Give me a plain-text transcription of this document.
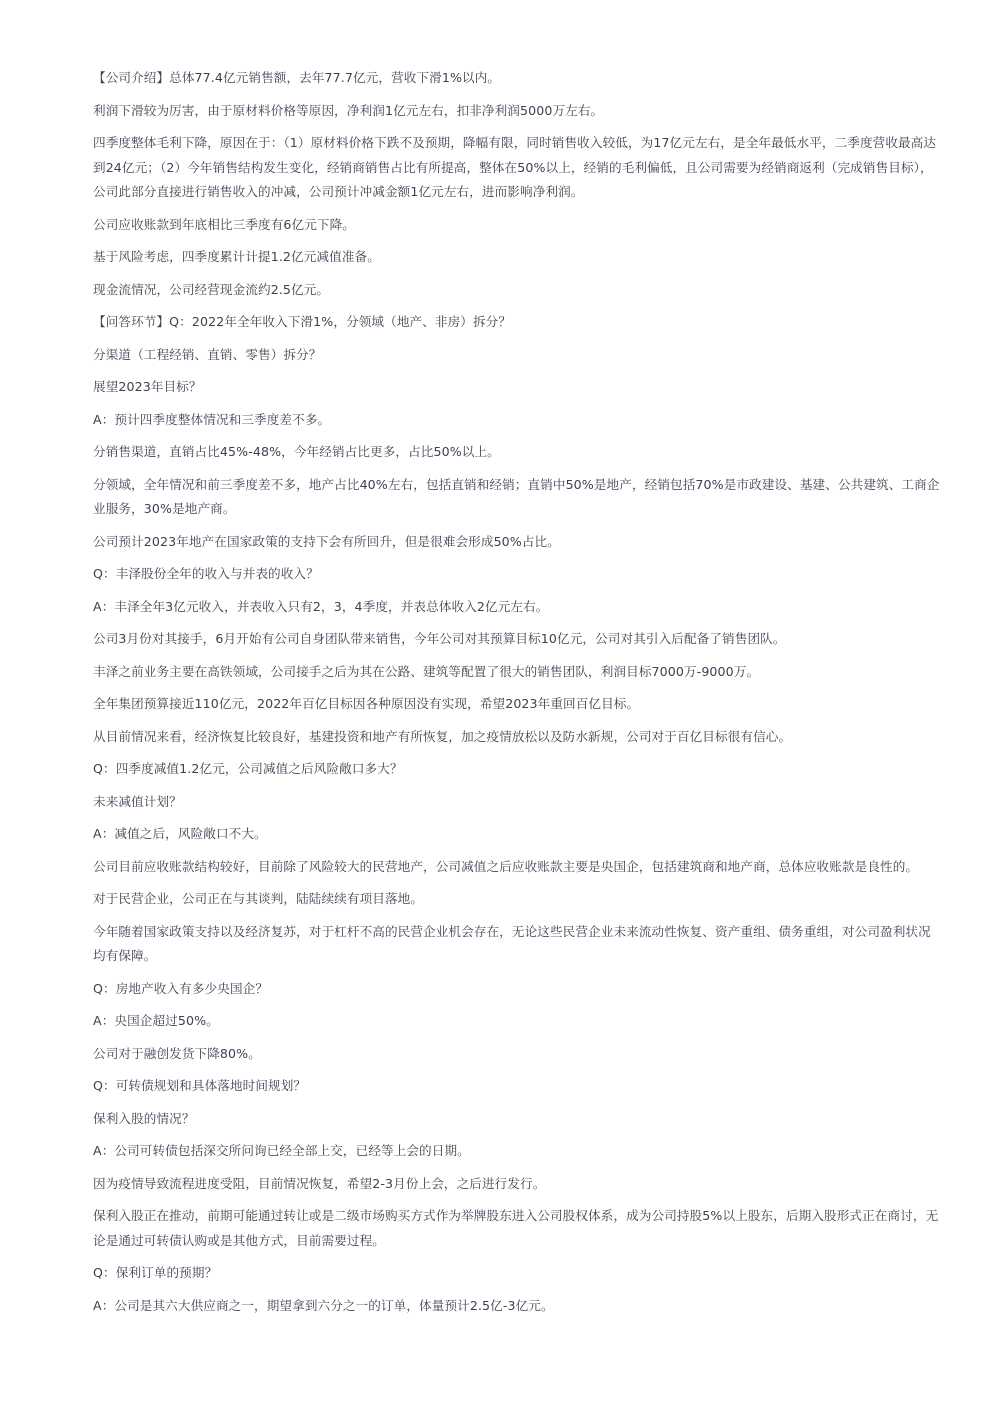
【公司介绍】总体77.4亿元销售额，去年77.7亿元，营收下滑1%以内。

利润下滑较为厉害，由于原材料价格等原因，净利润1亿元左右，扣非净利润5000万左右。

四季度整体毛利下降，原因在于：（1）原材料价格下跌不及预期，降幅有限，同时销售收入较低，为17亿元左右，是全年最低水平，二季度营收最高达到24亿元；（2）今年销售结构发生变化，经销商销售占比有所提高，整体在50%以上，经销的毛利偏低，且公司需要为经销商返利（完成销售目标），公司此部分直接进行销售收入的冲减，公司预计冲减金额1亿元左右，进而影响净利润。

公司应收账款到年底相比三季度有6亿元下降。

基于风险考虑，四季度累计计提1.2亿元减值准备。

现金流情况，公司经营现金流约2.5亿元。

【问答环节】Q：2022年全年收入下滑1%，分领域（地产、非房）拆分？

分渠道（工程经销、直销、零售）拆分？

展望2023年目标？

A：预计四季度整体情况和三季度差不多。

分销售渠道，直销占比45%-48%，今年经销占比更多，占比50%以上。

分领域，全年情况和前三季度差不多，地产占比40%左右，包括直销和经销；直销中50%是地产，经销包括70%是市政建设、基建、公共建筑、工商企业服务，30%是地产商。

公司预计2023年地产在国家政策的支持下会有所回升，但是很难会形成50%占比。

Q：丰泽股份全年的收入与并表的收入？

A：丰泽全年3亿元收入，并表收入只有2，3，4季度，并表总体收入2亿元左右。

公司3月份对其接手，6月开始有公司自身团队带来销售，今年公司对其预算目标10亿元，公司对其引入后配备了销售团队。

丰泽之前业务主要在高铁领域，公司接手之后为其在公路、建筑等配置了很大的销售团队，利润目标7000万-9000万。

全年集团预算接近110亿元，2022年百亿目标因各种原因没有实现，希望2023年重回百亿目标。

从目前情况来看，经济恢复比较良好，基建投资和地产有所恢复，加之疫情放松以及防水新规，公司对于百亿目标很有信心。

Q：四季度减值1.2亿元，公司减值之后风险敞口多大？

未来减值计划？

A：减值之后，风险敞口不大。

公司目前应收账款结构较好，目前除了风险较大的民营地产，公司减值之后应收账款主要是央国企，包括建筑商和地产商，总体应收账款是良性的。

对于民营企业，公司正在与其谈判，陆陆续续有项目落地。

今年随着国家政策支持以及经济复苏，对于杠杆不高的民营企业机会存在，无论这些民营企业未来流动性恢复、资产重组、债务重组，对公司盈利状况均有保障。

Q：房地产收入有多少央国企？

A：央国企超过50%。

公司对于融创发货下降80%。

Q：可转债规划和具体落地时间规划？

保利入股的情况？

A：公司可转债包括深交所问询已经全部上交，已经等上会的日期。

因为疫情导致流程进度受阻，目前情况恢复，希望2-3月份上会，之后进行发行。

保利入股正在推动，前期可能通过转让或是二级市场购买方式作为举牌股东进入公司股权体系，成为公司持股5%以上股东，后期入股形式正在商讨，无论是通过可转债认购或是其他方式，目前需要过程。

Q：保利订单的预期？

A：公司是其六大供应商之一，期望拿到六分之一的订单，体量预计2.5亿-3亿元。
